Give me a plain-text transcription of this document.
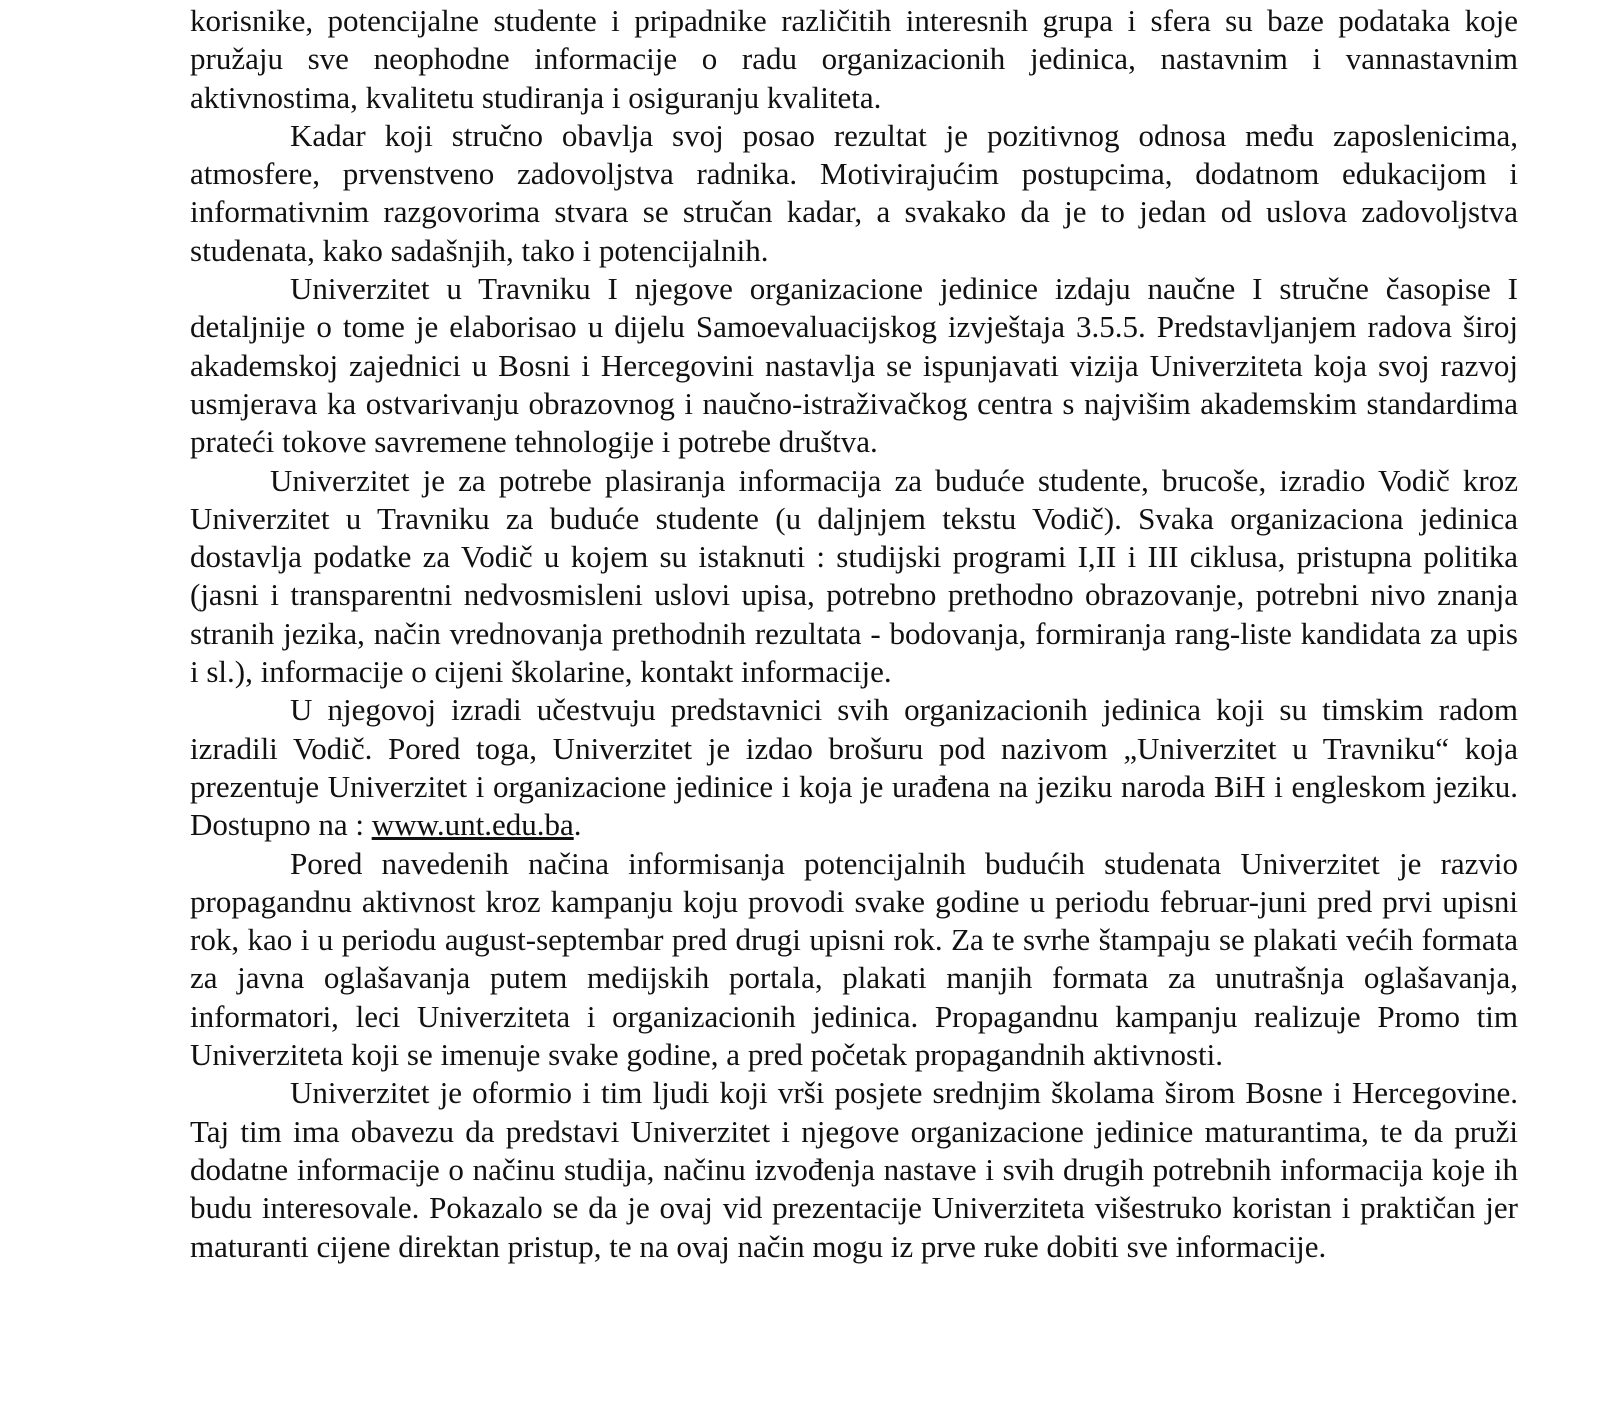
korisnike, potencijalne studente i pripadnike različitih interesnih grupa i sfera su baze podataka koje pružaju sve neophodne informacije o radu organizacionih jedinica, nastavnim i vannastavnim aktivnostima, kvalitetu studiranja i osiguranju kvaliteta.

Kadar koji stručno obavlja svoj posao rezultat je pozitivnog odnosa među zaposlenicima, atmosfere, prvenstveno zadovoljstva radnika. Motivirajućim postupcima, dodatnom edukacijom i informativnim razgovorima stvara se stručan kadar, a svakako da je to jedan od uslova zadovoljstva studenata, kako sadašnjih, tako i potencijalnih.

Univerzitet u Travniku I njegove organizacione jedinice izdaju naučne I stručne časopise I detaljnije o tome je elaborisao u dijelu Samoevaluacijskog izvještaja 3.5.5. Predstavljanjem radova široj akademskoj zajednici u Bosni i Hercegovini nastavlja se ispunjavati vizija Univerziteta koja svoj razvoj usmjerava ka ostvarivanju obrazovnog i naučno-istraživačkog centra s najvišim akademskim standardima prateći tokove savremene tehnologije i potrebe društva.

Univerzitet je za potrebe plasiranja informacija za buduće studente, brucoše, izradio Vodič kroz Univerzitet u Travniku za buduće studente (u daljnjem tekstu Vodič). Svaka organizaciona jedinica dostavlja podatke za Vodič u kojem su istaknuti : studijski programi I,II i III ciklusa, pristupna politika (jasni i transparentni nedvosmisleni uslovi upisa, potrebno prethodno obrazovanje, potrebni nivo znanja stranih jezika, način vrednovanja prethodnih rezultata - bodovanja, formiranja rang-liste kandidata za upis i sl.), informacije o cijeni školarine, kontakt informacije.

U njegovoj izradi učestvuju predstavnici svih organizacionih jedinica koji su timskim radom izradili Vodič. Pored toga, Univerzitet je izdao brošuru pod nazivom „Univerzitet u Travniku“ koja prezentuje Univerzitet i organizacione jedinice i koja je urađena na jeziku naroda BiH i engleskom jeziku. Dostupno na : www.unt.edu.ba.

Pored navedenih načina informisanja potencijalnih budućih studenata Univerzitet je razvio propagandnu aktivnost kroz kampanju koju provodi svake godine u periodu februar-juni pred prvi upisni rok, kao i u periodu august-septembar pred drugi upisni rok. Za te svrhe štampaju se plakati većih formata za javna oglašavanja putem medijskih portala, plakati manjih formata za unutrašnja oglašavanja, informatori, leci Univerziteta i organizacionih jedinica. Propagandnu kampanju realizuje Promo tim Univerziteta koji se imenuje svake godine, a pred početak propagandnih aktivnosti.

Univerzitet je oformio i tim ljudi koji vrši posjete srednjim školama širom Bosne i Hercegovine. Taj tim ima obavezu da predstavi Univerzitet i njegove organizacione jedinice maturantima, te da pruži dodatne informacije o načinu studija, načinu izvođenja nastave i svih drugih potrebnih informacija koje ih budu interesovale. Pokazalo se da je ovaj vid prezentacije Univerziteta višestruko koristan i praktičan jer maturanti cijene direktan pristup, te na ovaj način mogu iz prve ruke dobiti sve informacije.
